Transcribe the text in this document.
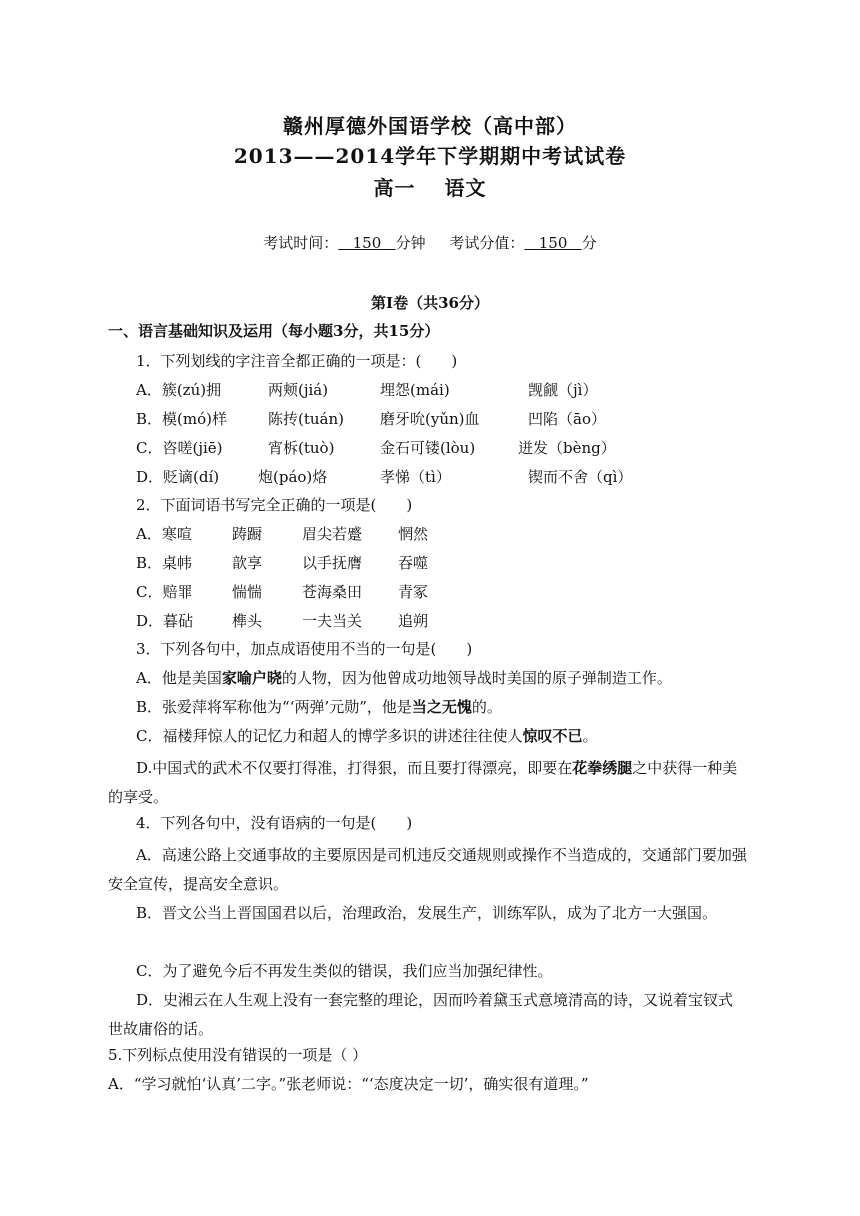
赣州厚德外国语学校（高中部）
2013——2014学年下学期期中考试试卷
高一　 语文
考试时间： 150 分钟 考试分值： 150 分
第Ⅰ卷（共36分）
一、语言基础知识及运用（每小题3分，共15分）
1．下列划线的字注音全都正确的一项是：(　　)
A．簇(zú)拥	两颊(jiá)	埋怨(mái)	觊觎（jì）
B．模(mó)样	陈抟(tuán) 磨牙吮(yǔn)血	凹陷（āo）
C．咨嗟(jiē)	宵柝(tuò)	金石可镂(lòu)	迸发（bèng）
D．贬谪(dí)	炮(páo)烙	孝悌（tì）	锲而不舍（qì）
2．下面词语书写完全正确的一项是(　　)
A．寒喧	踌蹰	眉尖若蹙 惘然
B．桌帏	歆享	以手抚膺 吞噬
C．赔罪	惴惴	苍海桑田 青冢
D．暮砧	榫头	一夫当关 追朔
3．下列各句中，加点成语使用不当的一句是(　　)
A．他是美国家喻户晓的人物，因为他曾成功地领导战时美国的原子弹制造工作。
B．张爱萍将军称他为“‘两弹’元勋”，他是当之无愧的。
C．福楼拜惊人的记忆力和超人的博学多识的讲述往往使人惊叹不已。
D.中国式的武术不仅要打得准，打得狠，而且要打得漂亮，即要在花拳绣腿之中获得一种美的享受。
4．下列各句中，没有语病的一句是(　　)
A．高速公路上交通事故的主要原因是司机违反交通规则或操作不当造成的，交通部门要加强安全宣传，提高安全意识。
B．晋文公当上晋国国君以后，治理政治，发展生产，训练军队，成为了北方一大强国。
C．为了避免今后不再发生类似的错误，我们应当加强纪律性。
D．史湘云在人生观上没有一套完整的理论，因而吟着黛玉式意境清高的诗，又说着宝钗式世故庸俗的话。
5.下列标点使用没有错误的一项是（ ）
A．“学习就怕‘认真’二字。”张老师说：“‘态度决定一切’，确实很有道理。”
